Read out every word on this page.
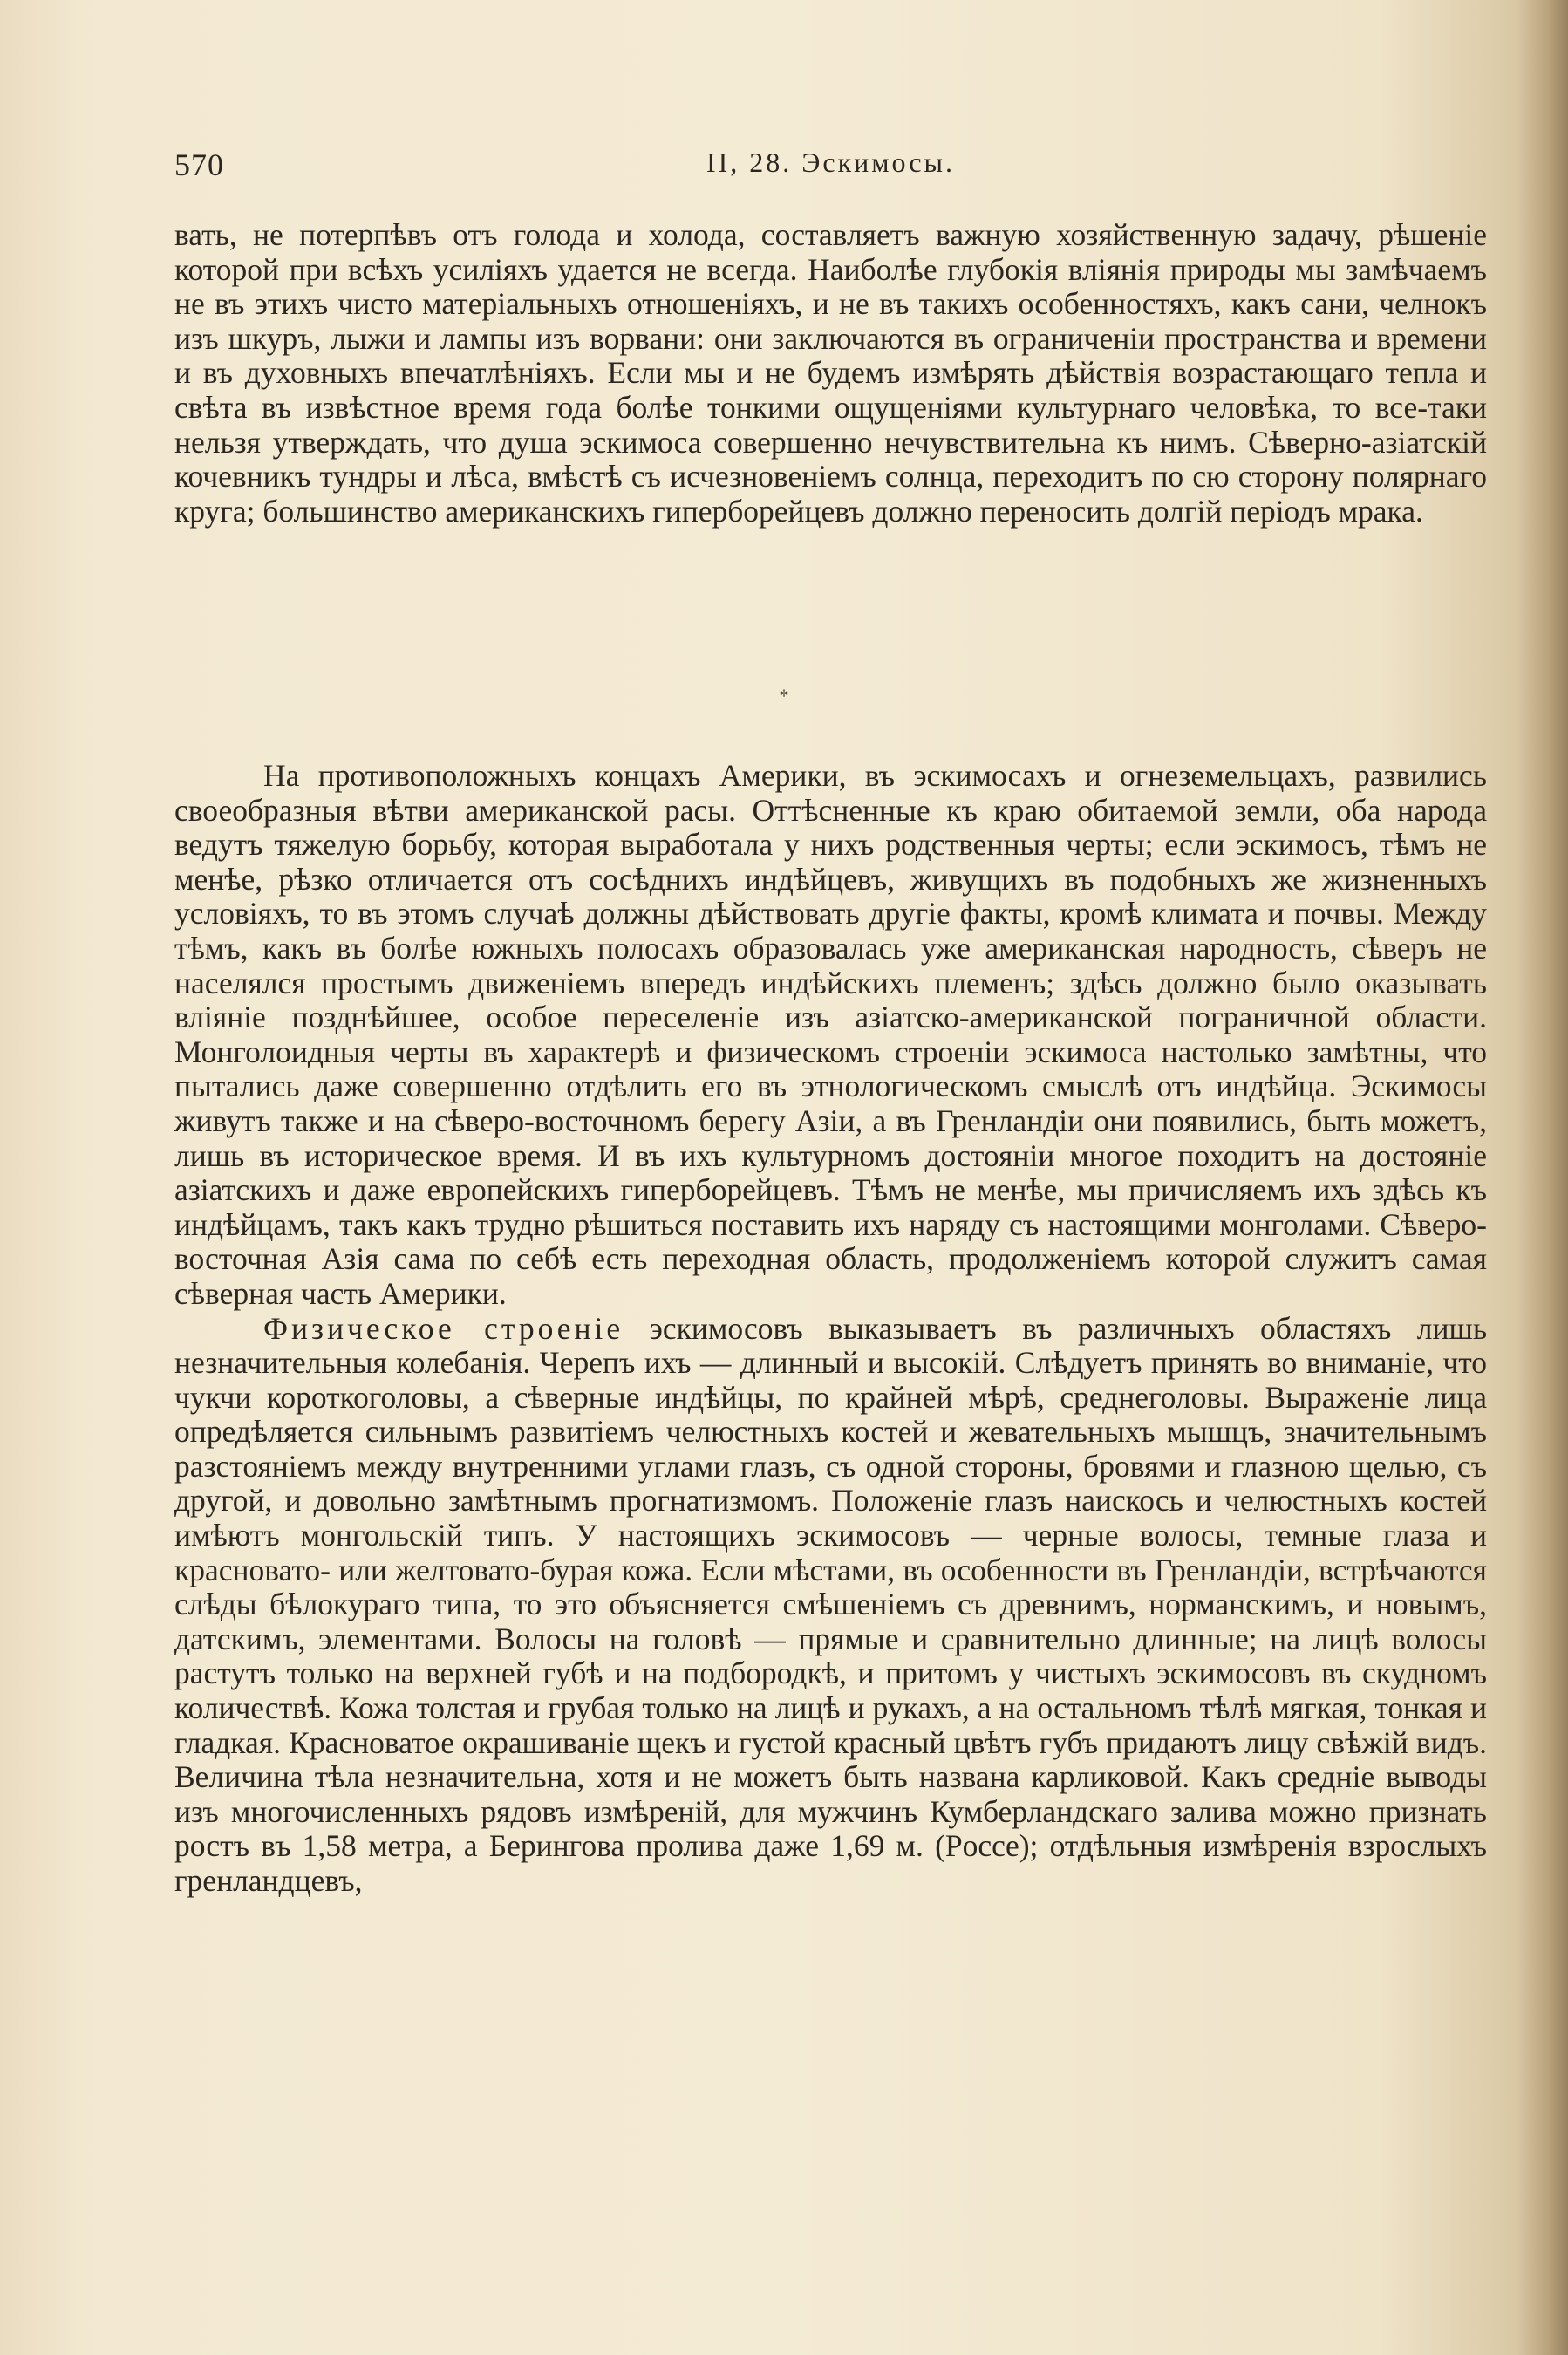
570	II, 28. Эскимосы.

вать, не потерпѣвъ отъ голода и холода, составляетъ важную хозяйственную задачу, рѣшеніе которой при всѣхъ усиліяхъ удается не всегда. Наиболѣе глубокія вліянія природы мы замѣчаемъ не въ этихъ чисто матеріальныхъ отношеніяхъ, и не въ такихъ особенностяхъ, какъ сани, челнокъ изъ шкуръ, лыжи и лампы изъ ворвани: они заключаются въ ограниченіи пространства и времени и въ духовныхъ впечатлѣніяхъ. Если мы и не будемъ измѣрять дѣйствія возрастающаго тепла и свѣта въ извѣстное время года болѣе тонкими ощущеніями культурнаго человѣка, то все-таки нельзя утверждать, что душа эскимоса совершенно нечувствительна къ нимъ. Сѣверно-азіатскій кочевникъ тундры и лѣса, вмѣстѣ съ исчезновеніемъ солнца, переходитъ по сю сторону полярнаго круга; большинство американскихъ гиперборейцевъ должно переносить долгій періодъ мрака.

*

На противоположныхъ концахъ Америки, въ эскимосахъ и огнеземельцахъ, развились своеобразныя вѣтви американской расы. Оттѣсненные къ краю обитаемой земли, оба народа ведутъ тяжелую борьбу, которая выработала у нихъ родственныя черты; если эскимосъ, тѣмъ не менѣе, рѣзко отличается отъ сосѣднихъ индѣйцевъ, живущихъ въ подобныхъ же жизненныхъ условіяхъ, то въ этомъ случаѣ должны дѣйствовать другіе факты, кромѣ климата и почвы. Между тѣмъ, какъ въ болѣе южныхъ полосахъ образовалась уже американская народность, сѣверъ не населялся простымъ движеніемъ впередъ индѣйскихъ племенъ; здѣсь должно было оказывать вліяніе позднѣйшее, особое переселеніе изъ азіатско-американской пограничной области. Монголоидныя черты въ характерѣ и физическомъ строеніи эскимоса настолько замѣтны, что пытались даже совершенно отдѣлить его въ этнологическомъ смыслѣ отъ индѣйца. Эскимосы живутъ также и на сѣверо-восточномъ берегу Азіи, а въ Гренландіи они появились, быть можетъ, лишь въ историческое время. И въ ихъ культурномъ достояніи многое походитъ на достояніе азіатскихъ и даже европейскихъ гиперборейцевъ. Тѣмъ не менѣе, мы причисляемъ ихъ здѣсь къ индѣйцамъ, такъ какъ трудно рѣшиться поставить ихъ наряду съ настоящими монголами. Сѣверо-восточная Азія сама по себѣ есть переходная область, продолженіемъ которой служитъ самая сѣверная часть Америки.

Физическое строеніе эскимосовъ выказываетъ въ различныхъ областяхъ лишь незначительныя колебанія. Черепъ ихъ — длинный и высокій. Слѣдуетъ принять во вниманіе, что чукчи короткоголовы, а сѣверные индѣйцы, по крайней мѣрѣ, среднеголовы. Выраженіе лица опредѣляется сильнымъ развитіемъ челюстныхъ костей и жевательныхъ мышцъ, значительнымъ разстояніемъ между внутренними углами глазъ, съ одной стороны, бровями и глазною щелью, съ другой, и довольно замѣтнымъ прогнатизмомъ. Положеніе глазъ наискось и челюстныхъ костей имѣютъ монгольскій типъ. У настоящихъ эскимосовъ — черные волосы, темные глаза и красновато- или желтовато-бурая кожа. Если мѣстами, въ особенности въ Гренландіи, встрѣчаются слѣды бѣлокураго типа, то это объясняется смѣшеніемъ съ древнимъ, норманскимъ, и новымъ, датскимъ, элементами. Волосы на головѣ — прямые и сравнительно длинные; на лицѣ волосы растутъ только на верхней губѣ и на подбородкѣ, и притомъ у чистыхъ эскимосовъ въ скудномъ количествѣ. Кожа толстая и грубая только на лицѣ и рукахъ, а на остальномъ тѣлѣ мягкая, тонкая и гладкая. Красноватое окрашиваніе щекъ и густой красный цвѣтъ губъ придаютъ лицу свѣжій видъ. Величина тѣла незначительна, хотя и не можетъ быть названа карликовой. Какъ средніе выводы изъ многочисленныхъ рядовъ измѣреній, для мужчинъ Кумберландскаго залива можно признать ростъ въ 1,58 метра, а Берингова пролива даже 1,69 м. (Pocce); отдѣльныя измѣренія взрослыхъ гренландцевъ,
